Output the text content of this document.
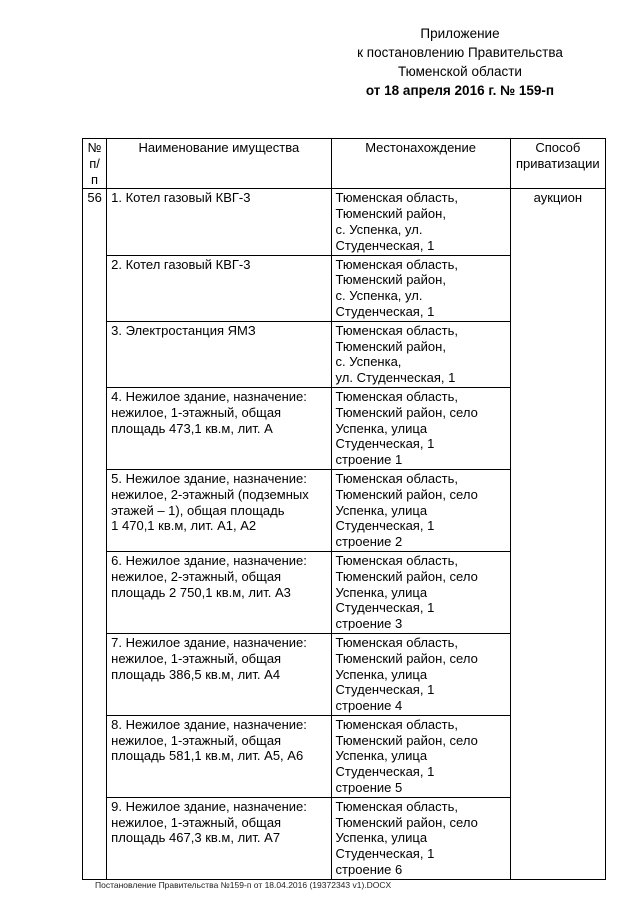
Приложение
к постановлению Правительства
Тюменской области
от 18 апреля 2016 г. № 159-п
№
п/п	Наименование имущества	Местонахождение	Способ
приватизации
56	1. Котел газовый КВГ-3	Тюменская область,
Тюменский район,
с. Успенка, ул.
Студенческая, 1	аукцион
	2. Котел газовый КВГ-3	Тюменская область,
Тюменский район,
с. Успенка, ул.
Студенческая, 1	
	3. Электростанция ЯМЗ	Тюменская область,
Тюменский район,
с. Успенка,
ул. Студенческая, 1	
	4. Нежилое здание, назначение:
нежилое, 1-этажный, общая
площадь 473,1 кв.м, лит. А	Тюменская область,
Тюменский район, село
Успенка, улица
Студенческая, 1
строение 1	
	5. Нежилое здание, назначение:
нежилое, 2-этажный (подземных
этажей – 1), общая площадь
1 470,1 кв.м, лит. А1, А2	Тюменская область,
Тюменский район, село
Успенка, улица
Студенческая, 1
строение 2	
	6. Нежилое здание, назначение:
нежилое, 2-этажный, общая
площадь 2 750,1 кв.м, лит. А3	Тюменская область,
Тюменский район, село
Успенка, улица
Студенческая, 1
строение 3	
	7. Нежилое здание, назначение:
нежилое, 1-этажный, общая
площадь 386,5 кв.м, лит. А4	Тюменская область,
Тюменский район, село
Успенка, улица
Студенческая, 1
строение 4	
	8. Нежилое здание, назначение:
нежилое, 1-этажный, общая
площадь 581,1 кв.м, лит. А5, А6	Тюменская область,
Тюменский район, село
Успенка, улица
Студенческая, 1
строение 5	
	9. Нежилое здание, назначение:
нежилое, 1-этажный, общая
площадь 467,3 кв.м, лит. А7	Тюменская область,
Тюменский район, село
Успенка, улица
Студенческая, 1
строение 6	
Постановление Правительства №159-п от 18.04.2016 (19372343 v1).DOCX
